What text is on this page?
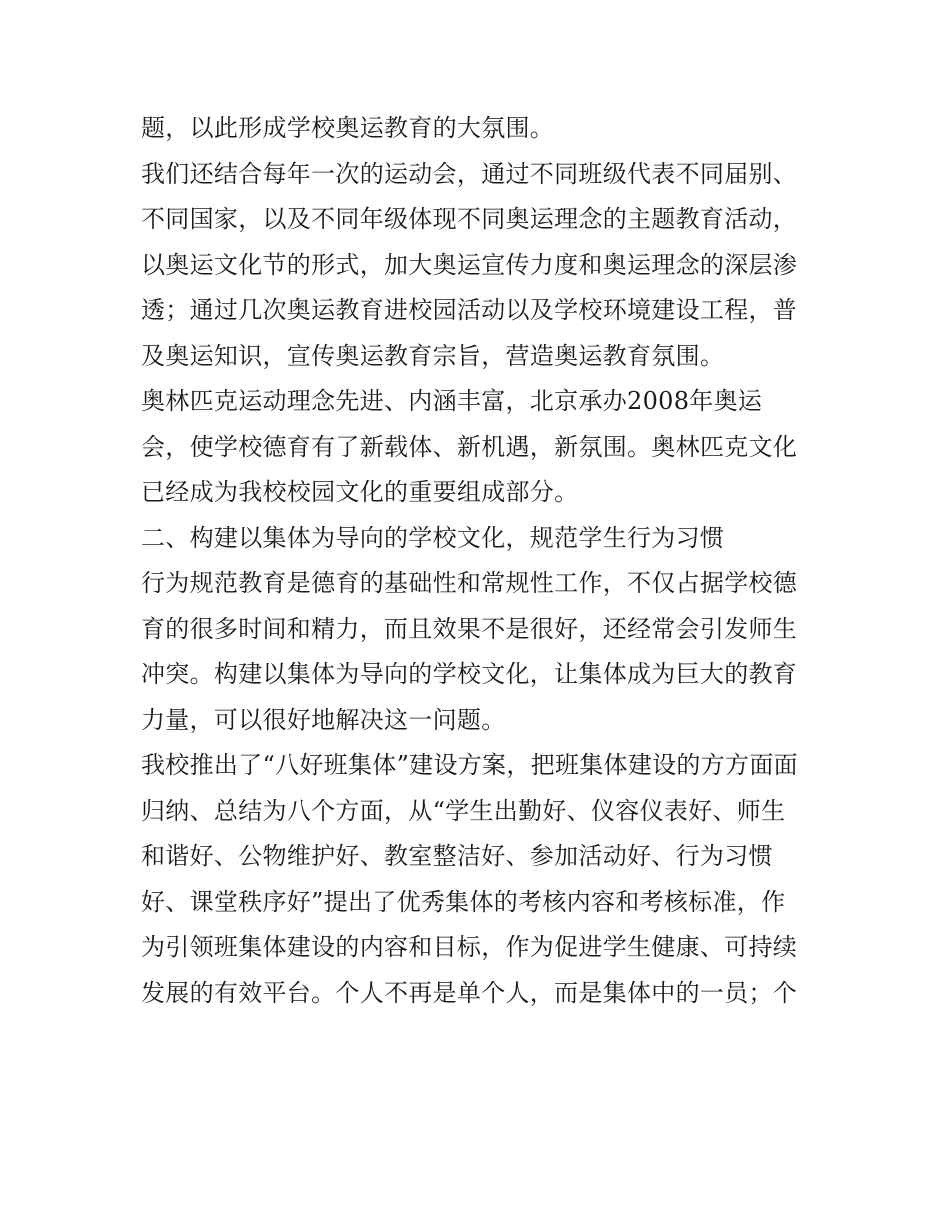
题，以此形成学校奥运教育的大氛围。
我们还结合每年一次的运动会，通过不同班级代表不同届别、
不同国家，以及不同年级体现不同奥运理念的主题教育活动，
以奥运文化节的形式，加大奥运宣传力度和奥运理念的深层渗
透；通过几次奥运教育进校园活动以及学校环境建设工程，普
及奥运知识，宣传奥运教育宗旨，营造奥运教育氛围。
奥林匹克运动理念先进、内涵丰富，北京承办2008年奥运
会，使学校德育有了新载体、新机遇，新氛围。奥林匹克文化
已经成为我校校园文化的重要组成部分。
二、构建以集体为导向的学校文化，规范学生行为习惯
行为规范教育是德育的基础性和常规性工作，不仅占据学校德
育的很多时间和精力，而且效果不是很好，还经常会引发师生
冲突。构建以集体为导向的学校文化，让集体成为巨大的教育
力量，可以很好地解决这一问题。
我校推出了“八好班集体”建设方案，把班集体建设的方方面面
归纳、总结为八个方面，从“学生出勤好、仪容仪表好、师生
和谐好、公物维护好、教室整洁好、参加活动好、行为习惯
好、课堂秩序好”提出了优秀集体的考核内容和考核标准，作
为引领班集体建设的内容和目标，作为促进学生健康、可持续
发展的有效平台。个人不再是单个人，而是集体中的一员；个
